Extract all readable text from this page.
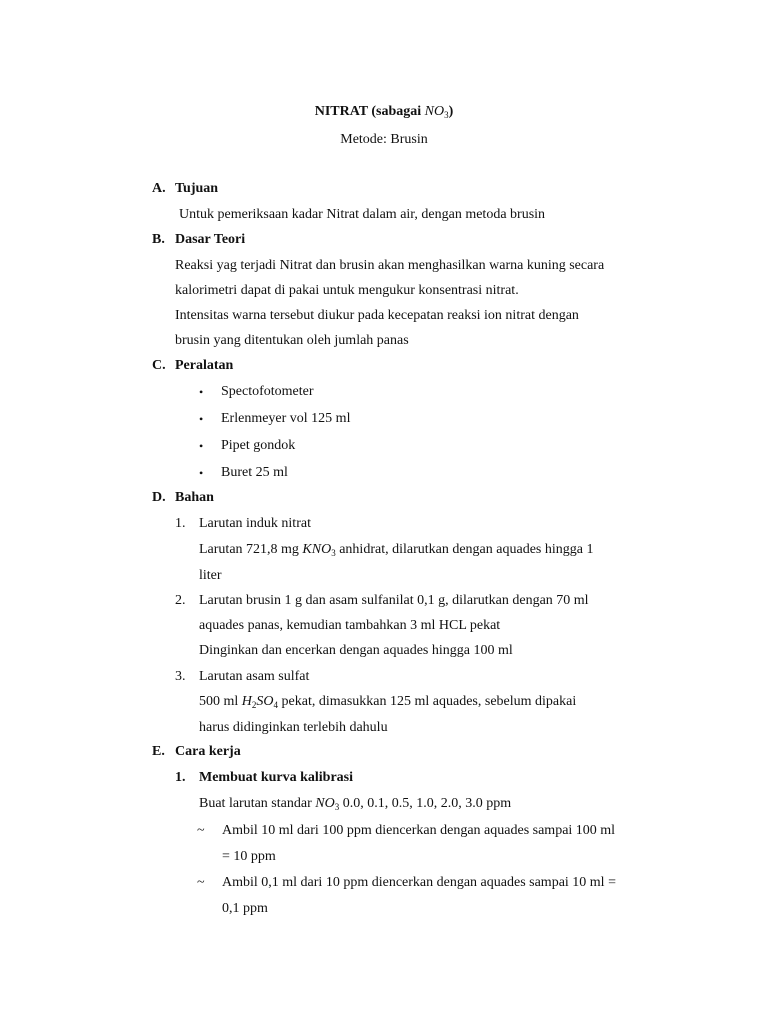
NITRAT (sabagai $NO_3$)
Metode: Brusin
A. Tujuan
Untuk pemeriksaan kadar Nitrat dalam air, dengan metoda brusin
B. Dasar Teori
Reaksi yag terjadi Nitrat dan brusin akan menghasilkan warna kuning secara
kalorimetri dapat di pakai untuk mengukur konsentrasi nitrat.
Intensitas warna tersebut diukur pada kecepatan reaksi ion nitrat dengan
brusin yang ditentukan oleh jumlah panas
C. Peralatan
• Spectofotometer
• Erlenmeyer vol 125 ml
• Pipet gondok
• Buret 25 ml
D. Bahan
1. Larutan induk nitrat
Larutan 721,8 mg $KNO_3$ anhidrat, dilarutkan dengan aquades hingga 1
liter
2. Larutan brusin 1 g dan asam sulfanilat 0,1 g, dilarutkan dengan 70 ml
aquades panas, kemudian tambahkan 3 ml HCL pekat
Dinginkan dan encerkan dengan aquades hingga 100 ml
3. Larutan asam sulfat
500 ml $H_2SO_4$ pekat, dimasukkan 125 ml aquades, sebelum dipakai
harus didinginkan terlebih dahulu
E. Cara kerja
1. Membuat kurva kalibrasi
Buat larutan standar $NO_3$ 0.0, 0.1, 0.5, 1.0, 2.0, 3.0 ppm
~ Ambil 10 ml dari 100 ppm diencerkan dengan aquades sampai 100 ml
= 10 ppm
~ Ambil 0,1 ml dari 10 ppm diencerkan dengan aquades sampai 10 ml =
0,1 ppm
